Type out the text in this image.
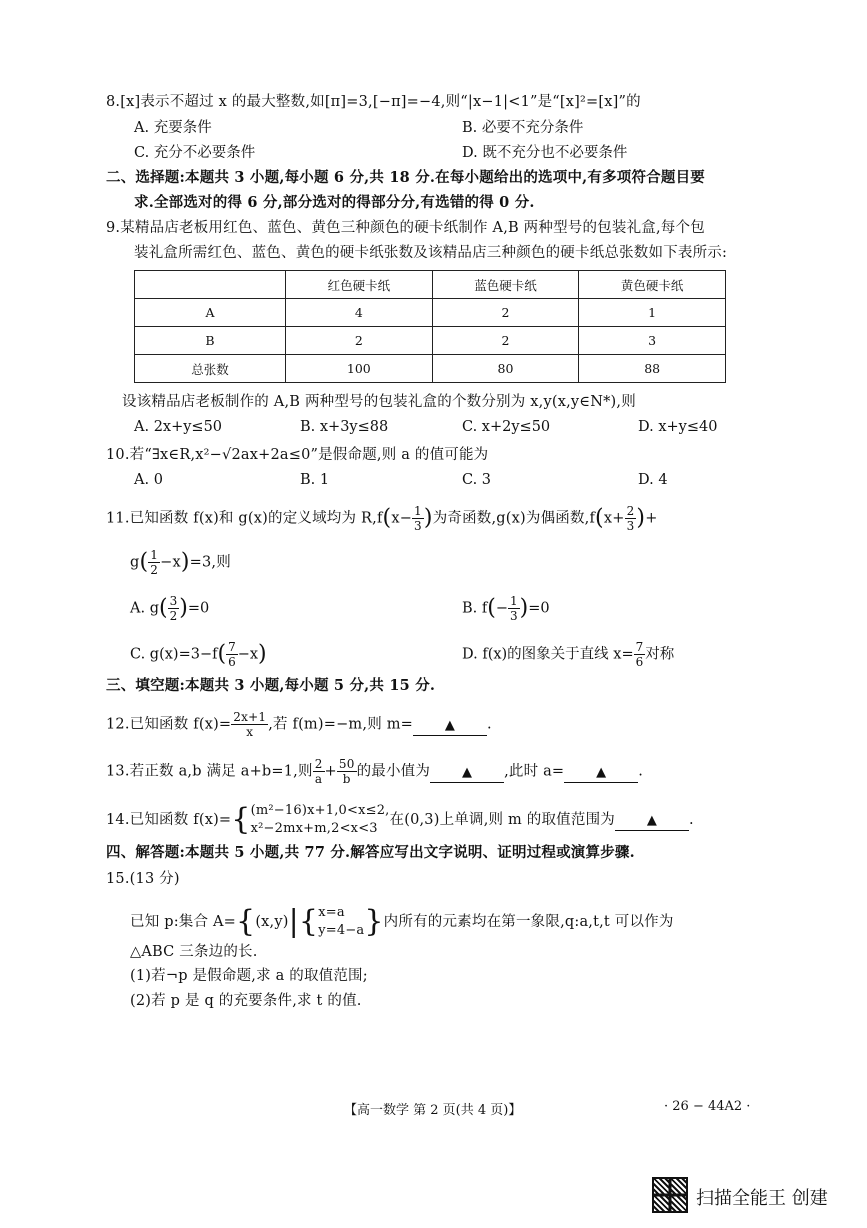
8.[x]表示不超过 x 的最大整数,如[π]=3,[−π]=−4,则“|x−1|<1”是“[x]²=[x]”的
A. 充要条件	B. 必要不充分条件
C. 充分不必要条件	D. 既不充分也不必要条件
二、选择题:本题共 3 小题,每小题 6 分,共 18 分.在每小题给出的选项中,有多项符合题目要
求.全部选对的得 6 分,部分选对的得部分分,有选错的得 0 分.
9.某精品店老板用红色、蓝色、黄色三种颜色的硬卡纸制作 A,B 两种型号的包装礼盒,每个包
装礼盒所需红色、蓝色、黄色的硬卡纸张数及该精品店三种颜色的硬卡纸总张数如下表所示:
	红色硬卡纸	蓝色硬卡纸	黄色硬卡纸
A	4	2	1
B	2	2	3
总张数	100	80	88
设该精品店老板制作的 A,B 两种型号的包装礼盒的个数分别为 x,y(x,y∈N*),则
A. 2x+y≤50	B. x+3y≤88	C. x+2y≤50	D. x+y≤40
10.若“∃x∈R,x²−√2ax+2a≤0”是假命题,则 a 的值可能为
A. 0	B. 1	C. 3	D. 4
11.已知函数 f(x)和 g(x)的定义域均为 $R,f(x- \frac{1}{3}$ )为奇函数,g(x)为偶函数$,f(x+ \frac{2}{3}$ )+
$g( \frac{1}{2} -x)=3$,则
A. $g( \frac{3}{2} )=0$	B. $f(- \frac{1}{3} )=0$
C. $g(x)=3-f( \frac{7}{6} -x)$	D. f(x)的图象关于直线 $x= \frac{7}{6}$ 对称
三、填空题:本题共 3 小题,每小题 5 分,共 15 分.
12.已知函数 $f(x)= \frac{2x+1}{x}$ ,若 f(m)=−m,则 m= ▲ .
13.若正数 a,b 满足 a+b=1,则 $\frac{2}{a} + \frac{50}{b}$ 的最小值为 ▲ ,此时 a= ▲ .
14.已知函数 f(x)={ (m²−16)x+1,0<x≤2,
x²−2mx+m,2<x<3
在(0,3)上单调,则 m 的取值范围为 ▲ .
四、解答题:本题共 5 小题,共 77 分.解答应写出文字说明、证明过程或演算步骤.
15.(13 分)
已知 p:集合 A={(x,y)|{ x=a
y=4−a }内所有的元素均在第一象限,q:a,t,t 可以作为
△ABC 三条边的长.
(1)若¬p 是假命题,求 a 的取值范围;
(2)若 p 是 q 的充要条件,求 t 的值.
【高一数学 第 2 页(共 4 页)】	· 26 − 44A2 ·
扫描全能王 创建
